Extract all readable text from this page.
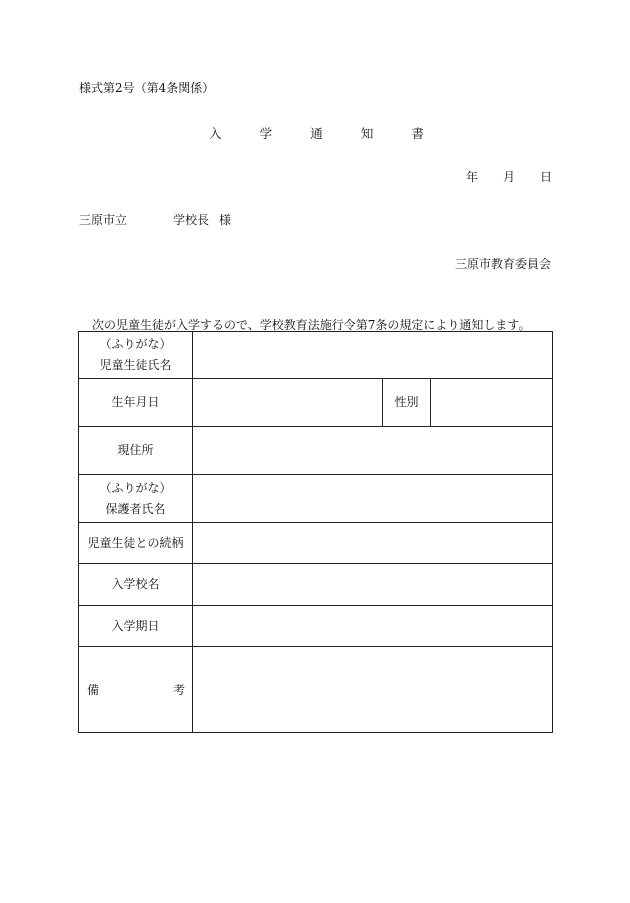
様式第2号（第4条関係）
入	学	通	知	書
年 月 日
三原市立	学校長 様
三原市教育委員会
次の児童生徒が入学するので、学校教育法施行令第7条の規定により通知します。
（ふりがな）
児童生徒氏名			

生年月日		性別	
現住所			

（ふりがな）
保護者氏名			

児童生徒との続柄			
入学校名			
入学期日			

備 考			
